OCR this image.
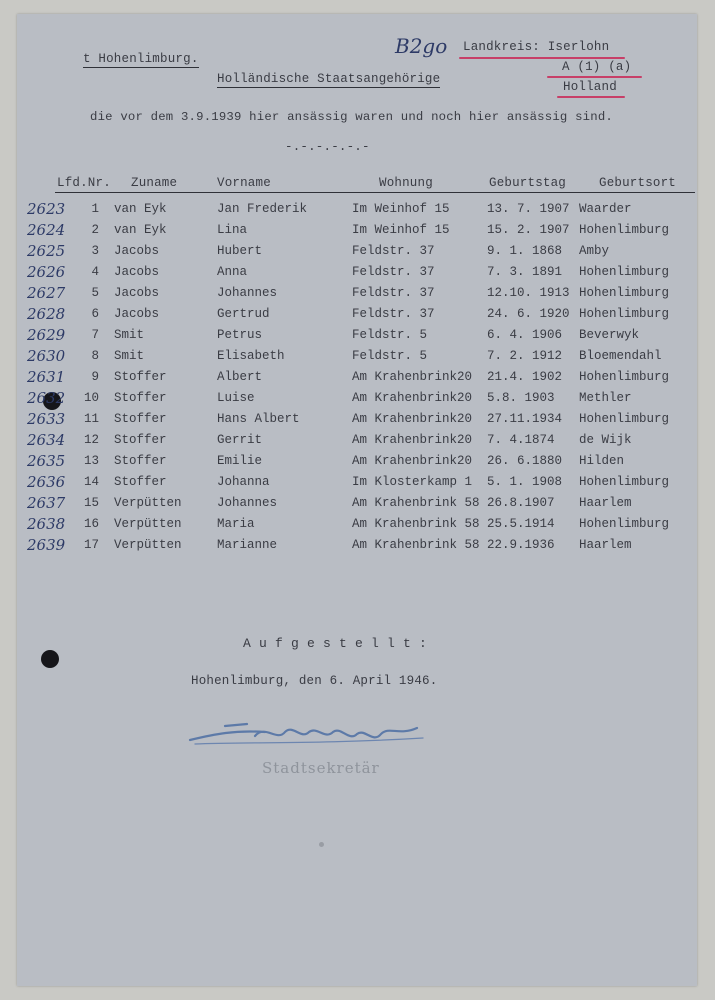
t Hohenlimburg.
B2go Landkreis: Iserlohn
A (1) (a)
Holland
Holländische Staatsangehörige
die vor dem 3.9.1939 hier ansässig waren und noch hier ansässig sind.
-.-.-.-.-.-
Lfd.Nr. Zuname	Vorname	Wohnung	Geburtstag	Geburtsort
2623	1 van Eyk	Jan Frederik	Im Weinhof 15	13. 7. 1907 Waarder
2624	2 van Eyk	Lina	Im Weinhof 15	15. 2. 1907 Hohenlimburg
2625	3 Jacobs	Hubert	Feldstr. 37	9. 1. 1868 Amby
2626	4 Jacobs	Anna	Feldstr. 37	7. 3. 1891 Hohenlimburg
2627	5 Jacobs	Johannes	Feldstr. 37	12.10. 1913 Hohenlimburg
2628	6 Jacobs	Gertrud	Feldstr. 37	24. 6. 1920 Hohenlimburg
2629	7 Smit	Petrus	Feldstr. 5	6. 4. 1906 Beverwyk
2630	8 Smit	Elisabeth	Feldstr. 5	7. 2. 1912 Bloemendahl
2631	9 Stoffer	Albert	Am Krahenbrink20 21.4. 1902 Hohenlimburg
2632	10 Stoffer	Luise	Am Krahenbrink20 5.8. 1903 Methler
2633	11 Stoffer	Hans Albert	Am Krahenbrink20 27.11.1934 Hohenlimburg
2634	12 Stoffer	Gerrit	Am Krahenbrink20 7. 4.1874 de Wijk
2635	13 Stoffer	Emilie	Am Krahenbrink20 26. 6.1880 Hilden
2636	14 Stoffer	Johanna	Im Klosterkamp 1 5. 1. 1908 Hohenlimburg
2637	15 Verpütten	Johannes	Am Krahenbrink 58 26.8.1907 Haarlem
2638	16 Verpütten	Maria	Am Krahenbrink 58 25.5.1914 Hohenlimburg
2639	17 Verpütten	Marianne	Am Krahenbrink 58 22.9.1936 Haarlem
A u f g e s t e l l t :
Hohenlimburg, den 6. April 1946.
Stadtsekretär
